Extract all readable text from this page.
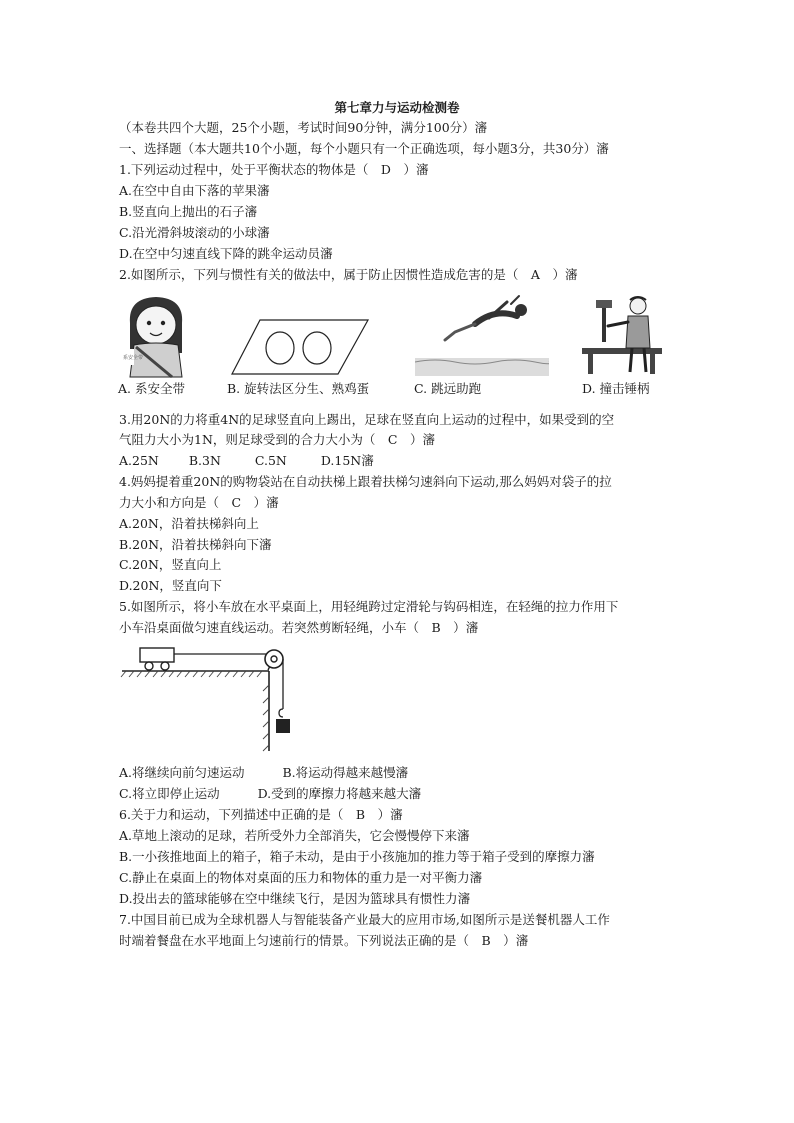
第七章力与运动检测卷
（本卷共四个大题，25个小题，考试时间90分钟，满分100分）瀋
一、选择题（本大题共10个小题，每个小题只有一个正确选项，每小题3分，共30分）瀋
1.下列运动过程中，处于平衡状态的物体是（　D　）瀋
A.在空中自由下落的苹果瀋
B.竖直向上抛出的石子瀋
C.沿光滑斜坡滚动的小球瀋
D.在空中匀速直线下降的跳伞运动员瀋
2.如图所示，下列与惯性有关的做法中，属于防止因惯性造成危害的是（　A　）瀋
系安全带
A. 系安全带	B. 旋转法区分生、熟鸡蛋	C. 跳远助跑	D. 撞击锤柄
3.用20N的力将重4N的足球竖直向上踢出，足球在竖直向上运动的过程中，如果受到的空
气阻力大小为1N，则足球受到的合力大小为（　C　）瀋
A.25N B.3N	C.5N	D.15N瀋
4.妈妈提着重20N的购物袋站在自动扶梯上跟着扶梯匀速斜向下运动,那么妈妈对袋子的拉
力大小和方向是（　C　）瀋
A.20N，沿着扶梯斜向上
B.20N，沿着扶梯斜向下瀋
C.20N，竖直向上
D.20N，竖直向下
5.如图所示，将小车放在水平桌面上，用轻绳跨过定滑轮与钩码相连，在轻绳的拉力作用下
小车沿桌面做匀速直线运动。若突然剪断轻绳，小车（　B　）瀋
A.将继续向前匀速运动	B.将运动得越来越慢瀋
C.将立即停止运动	D.受到的摩擦力将越来越大瀋
6.关于力和运动，下列描述中正确的是（　B　）瀋
A.草地上滚动的足球，若所受外力全部消失，它会慢慢停下来瀋
B.一小孩推地面上的箱子，箱子未动，是由于小孩施加的推力等于箱子受到的摩擦力瀋
C.静止在桌面上的物体对桌面的压力和物体的重力是一对平衡力瀋
D.投出去的篮球能够在空中继续飞行，是因为篮球具有惯性力瀋
7.中国目前已成为全球机器人与智能装备产业最大的应用市场,如图所示是送餐机器人工作
时端着餐盘在水平地面上匀速前行的情景。下列说法正确的是（　B　）瀋
